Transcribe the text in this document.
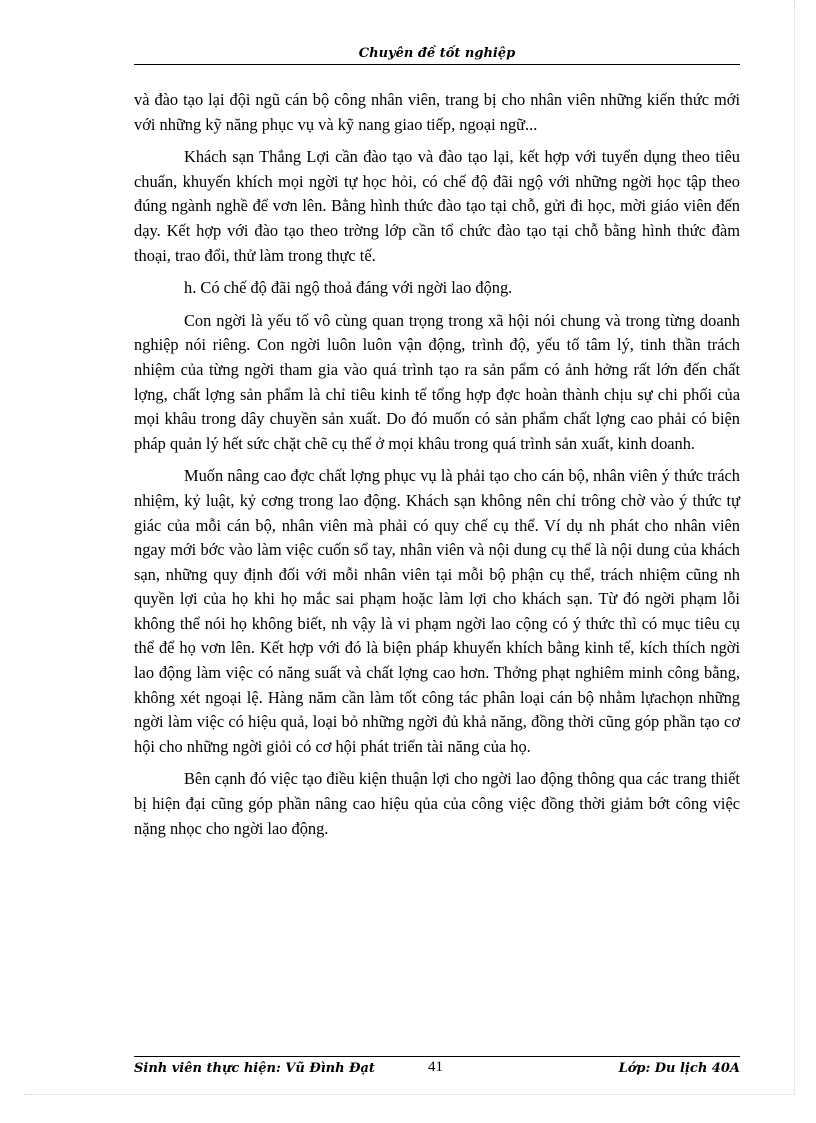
Chuyên đề tốt nghiệp

và đào tạo lại đội ngũ cán bộ công nhân viên, trang bị cho nhân viên những kiến thức mới với những kỹ năng phục vụ và kỹ nang giao tiếp, ngoại ngữ...

Khách sạn Thắng Lợi cần đào tạo và đào tạo lại, kết hợp với tuyển dụng theo tiêu chuẩn, khuyến khích mọi ngời tự học hỏi, có chế độ đãi ngộ với những ngời học tập theo đúng ngành nghề để vơn lên. Bằng hình thức đào tạo tại chỗ, gửi đi học, mời giáo viên đến dạy. Kết hợp với đào tạo theo trờng lớp cần tổ chức đào tạo tại chỗ bằng hình thức đàm thoại, trao đổi, thử làm trong thực tế.

h. Có chế độ đãi ngộ thoả đáng với ngời lao động.

Con ngời là yếu tố vô cùng quan trọng trong xã hội nói chung và trong từng doanh nghiệp nói riêng. Con ngời luôn luôn vận động, trình độ, yếu tố tâm lý, tinh thần trách nhiệm của từng ngời tham gia vào quá trình tạo ra sản pẩm có ảnh hởng rất lớn đến chất lợng, chất lợng sản phẩm là chỉ tiêu kinh tế tổng hợp đợc hoàn thành chịu sự chi phối của mọi khâu trong dây chuyền sản xuất. Do đó muốn có sản phẩm chất lợng cao phải có biện pháp quản lý hết sức chặt chẽ cụ thể ở mọi khâu trong quá trình sản xuất, kinh doanh.

Muốn nâng cao đợc chất lợng phục vụ là phải tạo cho cán bộ, nhân viên ý thức trách nhiệm, kỷ luật, kỷ cơng trong lao động. Khách sạn không nên chỉ trông chờ vào ý thức tự giác của mỗi cán bộ, nhân viên mà phải có quy chế cụ thể. Ví dụ nh phát cho nhân viên ngay mới bớc vào làm việc cuốn sổ tay, nhân viên và nội dung cụ thể là nội dung của khách sạn, những quy định đối với mỗi nhân viên tại mỗi bộ phận cụ thể, trách nhiệm cũng nh quyền lợi của họ khi họ mắc sai phạm hoặc làm lợi cho khách sạn. Từ đó ngời phạm lỗi không thể nói họ không biết, nh vậy là vi phạm ngời lao cộng có ý thức thì có mục tiêu cụ thể để họ vơn lên. Kết hợp với đó là biện pháp khuyến khích bằng kinh tế, kích thích ngời lao động làm việc có năng suất và chất lợng cao hơn. Thởng phạt nghiêm minh công bằng, không xét ngoại lệ. Hàng năm cần làm tốt công tác phân loại cán bộ nhằm lựachọn những ngời làm việc có hiệu quả, loại bỏ những ngời đủ khả năng, đồng thời cũng góp phần tạo cơ hội cho những ngời giỏi có cơ hội phát triển tài năng của họ.

Bên cạnh đó việc tạo điều kiện thuận lợi cho ngời lao động thông qua các trang thiết bị hiện đại cũng góp phần nâng cao hiệu qủa của công việc đồng thời giảm bớt công việc nặng nhọc cho ngời lao động.

Sinh viên thực hiện: Vũ Đình Đạt	41	Lớp: Du lịch 40A
